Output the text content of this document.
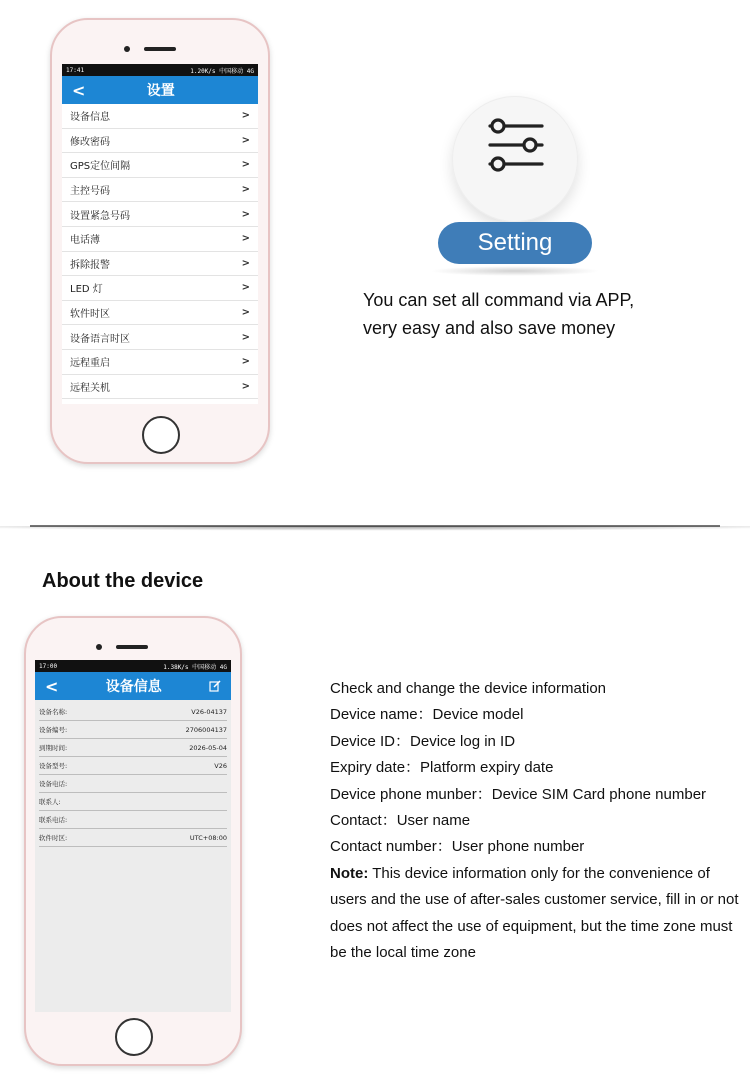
17:41	1.20K/s 中国移动 4G
<	设置
设备信息	>
修改密码	>
GPS定位间隔	>
主控号码	>
设置紧急号码	>
电话薄	>
拆除报警	>
LED 灯	>
软件时区	>
设备语言时区	>
远程重启	>
远程关机	>
Setting
You can set all command via APP,
very easy and also save money
About the device
17:00	1.38K/s 中国移动 4G
<	设备信息
设备名称:	V26-04137
设备编号:	2706004137
到期时间:	2026-05-04
设备型号:	V26
设备电话:
联系人:
联系电话:
软件时区:	UTC+08:00

Check and change the device information

Device name：Device model

Device ID：Device log in ID

Expiry date：Platform expiry date

Device phone munber：Device SIM Card phone number

Contact：User name

Contact number：User phone number

Note: This device information only for the convenience of users and the use of after-sales customer service, fill in or not does not affect the use of equipment, but the time zone must be the local time zone
